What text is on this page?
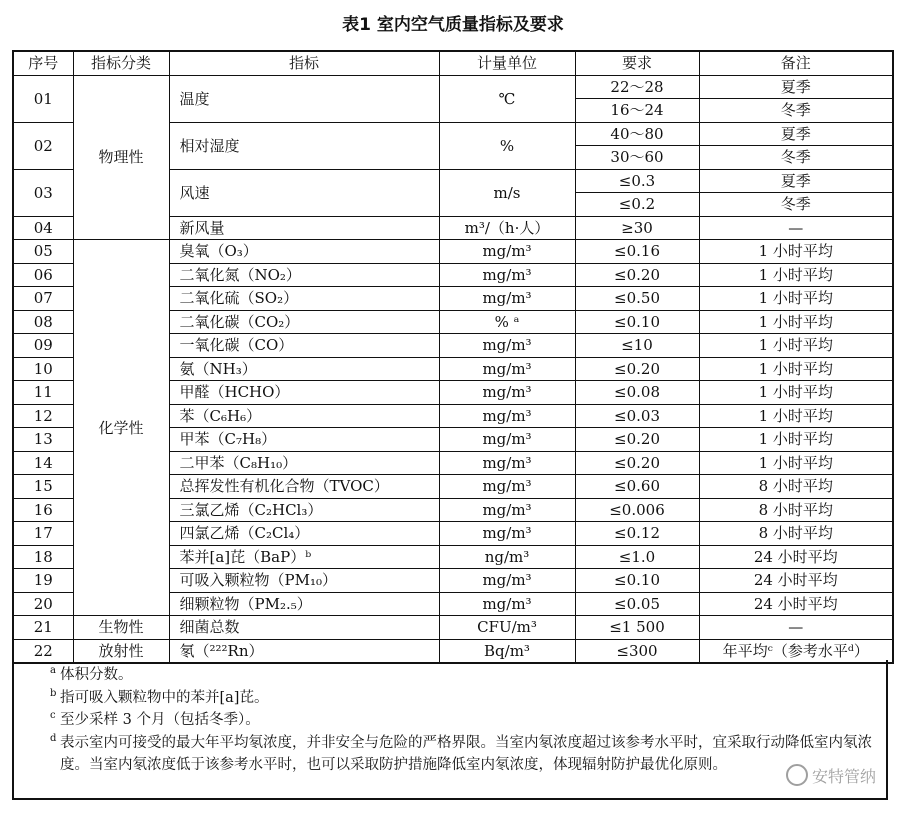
表1 室内空气质量指标及要求
序号	指标分类	指标	计量单位	要求	备注
01	物理性	温度	℃	22～28	夏季
				16～24	冬季
02		相对湿度	%	40～80	夏季
				30～60	冬季
03		风速	m/s	≤0.3	夏季
				≤0.2	冬季
04		新风量	m³/（h·人）	≥30	—
05	化学性	臭氧（O₃）	mg/m³	≤0.16	1 小时平均
06		二氧化氮（NO₂）	mg/m³	≤0.20	1 小时平均
07		二氧化硫（SO₂）	mg/m³	≤0.50	1 小时平均
08		二氧化碳（CO₂）	% ᵃ	≤0.10	1 小时平均
09		一氧化碳（CO）	mg/m³	≤10	1 小时平均
10		氨（NH₃）	mg/m³	≤0.20	1 小时平均
11		甲醛（HCHO）	mg/m³	≤0.08	1 小时平均
12		苯（C₆H₆）	mg/m³	≤0.03	1 小时平均
13		甲苯（C₇H₈）	mg/m³	≤0.20	1 小时平均
14		二甲苯（C₈H₁₀）	mg/m³	≤0.20	1 小时平均
15		总挥发性有机化合物（TVOC）	mg/m³	≤0.60	8 小时平均
16		三氯乙烯（C₂HCl₃）	mg/m³	≤0.006	8 小时平均
17		四氯乙烯（C₂Cl₄）	mg/m³	≤0.12	8 小时平均
18		苯并[a]芘（BaP）ᵇ	ng/m³	≤1.0	24 小时平均
19		可吸入颗粒物（PM₁₀）	mg/m³	≤0.10	24 小时平均
20		细颗粒物（PM₂.₅）	mg/m³	≤0.05	24 小时平均
21	生物性	细菌总数	CFU/m³	≤1 500	—
22	放射性	氡（²²²Rn）	Bq/m³	≤300	年平均ᶜ（参考水平ᵈ）
a 体积分数。
b 指可吸入颗粒物中的苯并[a]芘。
c 至少采样 3 个月（包括冬季）。
d 表示室内可接受的最大年平均氡浓度，并非安全与危险的严格界限。当室内氡浓度超过该参考水平时，宜采取行动降低室内氡浓度。当室内氡浓度低于该参考水平时，也可以采取防护措施降低室内氡浓度，体现辐射防护最优化原则。
安特管纳
